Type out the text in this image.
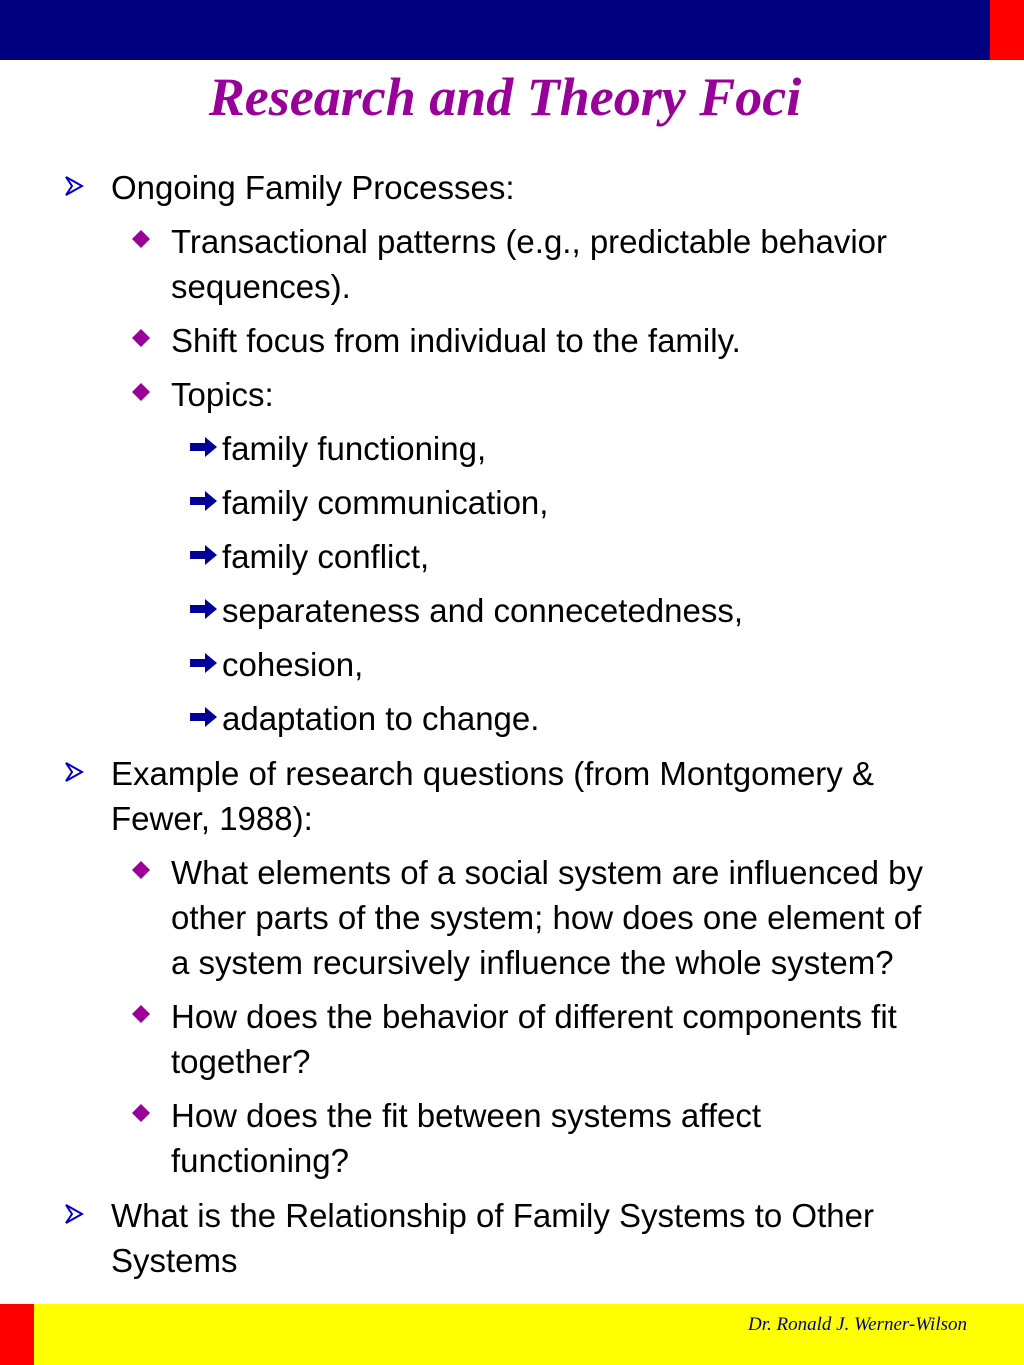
Research and Theory Foci
Ongoing Family Processes:
Transactional patterns (e.g., predictable behavior sequences).
Shift focus from individual to the family.
Topics:
family functioning,
family communication,
family conflict,
separateness and connecetedness,
cohesion,
adaptation to change.
Example of research questions (from Montgomery & Fewer, 1988):
What elements of a social system are influenced by other parts of the system; how does one element of a system recursively influence the whole system?
How does the behavior of different components fit together?
How does the fit between systems affect functioning?
What is the Relationship of Family Systems to Other Systems
Dr. Ronald J. Werner-Wilson
